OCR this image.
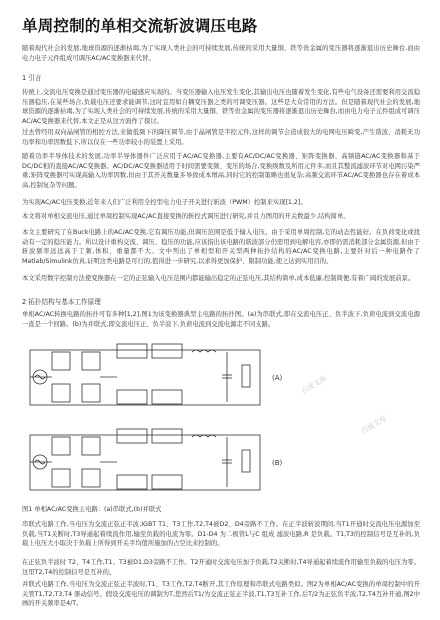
单周控制的单相交流斩波调压电路
随着现代社会的发展,地球资源的逐渐枯竭,为了实现人类社会的可持续发展,传统的采用大量铜、铁等贵金属的变压器将逐渐退出历史舞台,而由电力电子元件组成可调压AC/AC变换器来代替。
1 引言
传统上,交流电压变换是通过变压器的电磁感应实现的。当变压器输入电压发生变化,其输出电压也随着发生变化,有些电气设备还需要利用交流稳压器稳压,在某些场合,负载电压还要求能调节,这时宜用如自耦变压器之类的可调变压器。这些是大众常用的方法。但是随着现代社会的发展,地球资源的逐渐枯竭,为了实现人类社会的可持续发展,传统的采用大量铜、铁等贵金属的变压器将逐渐退出历史舞台,而由电力电子元件组成可调压AC/AC变换器来代替,本文正是从这方面作了探讨。
过去曾经用双向晶闸管的相控方法,来做低频下的降压调节,由于晶闸管是半控元件,这样的调节会造成很大的电网电压畸变,产生谐波、消耗无功功率和功率因数低下,所以仅在一些功率较小的装置上采用。
随着功率半导体技术的发展,功率半导体器件广泛应用于AC/AC变换器,主要有AC/DC/AC变换器、矩阵变换器、高频链AC/AC变换器和基于DC/DC相的直接AC/AC变换器。AC/DC/AC变换器适用于时间需要变频、变压的场合,变换级数及所用元件多,而且其整流滤波环节对电网污染严重;矩阵变换器可实现高输入功率因数,但由于其开关数量多导致成本增高,同时它的控制策略也很复杂;高频交流环节AC/AC变换器也存在着成本高,控制复杂等问题。
为实现AC/AC电压变换,近年来人们广泛利用全控型电力电子开关进行斩波（PWM）控制来实现[1,2]。
本文将对单相交流电压,通过单周控制实现AC/AC直接变换的斩控式调压进行研究,并且力图用的开关数最少,结构简单。
本文主要研究了在Buck电路上的AC/AC变换,它有调压功能,但调压范围是低于输入电压。由于采用单周控制,它的动态性能好。在负荷变化或扰动有一定的稳压能力。所以设计重构交流、调压、稳压的功能,应该指出该电路的谐波部分仍需用到电解电容,亦即仍需消耗部分金属资源,但由于斩波频率远远高于工频,体积、重量都不大。文中列出了单相型和开关型两种拓扑结构的AC/AC变换电路,主要针对后一种电路作了Matlab/Simulink仿真,证明这类电路是可行的,值得进一步研究,以求得更加保护、限制功能,使之达到实用目的。
本文采用数字控制方法使变换器在一定的正弦输入电压范围内都能输出稳定的正弦电压,其结构简单,成本低廉,控制简便,有着广阔的发展前景。
2 拓扑结构与基本工作原理
单相AC/AC转换电路的拓扑可有多种[1,2],图1为该变换器典型主电路的拓扑图。(a)为串联式,即在交流电压正、负半波下,负荷电流到交流电源一直是一个回路。(b)为并联式,即交流电压正、负半波下,负荷电流到交流电源走不同支路。
(A)
(B)
图1 单相AC/AC变换主电路：(a)串联式,(b)并联式
串联式电路工作,当电压为交流正弦正半波,IGBT T1、T3工作,T2,T4被D2、D4旁路不工作。在正半波斩波期间,当T1开通时交流电压电源加至负载,当T1关断时,T3导通起着续流作用,输至负载的电流为零。D1-D4 为二极管L与C 组成 滤波电路,R 是负载。T1,T3的控制信号是互补的,负载上电压大小取决于负载上所得到开关平均值所施加的占空比来控制的。
在正弦负半波时 T2、T4工作,T1、T3被D1,D3旁路不工作。T2开通时交流电压加于负载,T2关断时,T4导通起着续流作用输至负载的电压为零。这里T2,T4的控制信号是互补的。
并联式电路工作,当电压为交流正弦正半波时,T1、T3工作,T2,T4断开,其工作原理和串联式电路类似。图2为单相AC/AC变换的单周控制中的开关管T1,T2,T3,T4 驱动信号。假设交流电压的调制为T,您然后T1/为交流正弦正半波,T1,T3互补工作,后T/2为正弦负半波,T2,T4互补开通,图2中画的开关频率是4/T。
百度文库
百度文库
